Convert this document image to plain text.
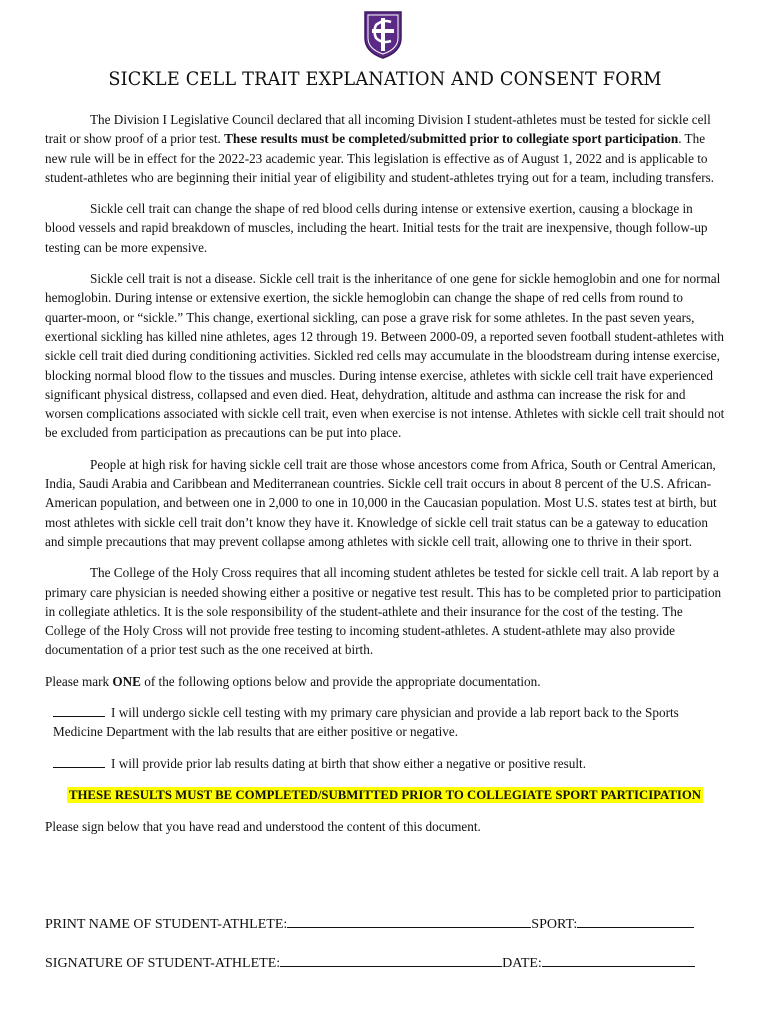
SICKLE CELL TRAIT EXPLANATION AND CONSENT FORM

The Division I Legislative Council declared that all incoming Division I student-athletes must be tested for sickle cell trait or show proof of a prior test. These results must be completed/submitted prior to collegiate sport participation. The new rule will be in effect for the 2022-23 academic year. This legislation is effective as of August 1, 2022 and is applicable to student-athletes who are beginning their initial year of eligibility and student-athletes trying out for a team, including transfers.

Sickle cell trait can change the shape of red blood cells during intense or extensive exertion, causing a blockage in blood vessels and rapid breakdown of muscles, including the heart. Initial tests for the trait are inexpensive, though follow-up testing can be more expensive.

Sickle cell trait is not a disease. Sickle cell trait is the inheritance of one gene for sickle hemoglobin and one for normal hemoglobin. During intense or extensive exertion, the sickle hemoglobin can change the shape of red cells from round to quarter-moon, or “sickle.” This change, exertional sickling, can pose a grave risk for some athletes. In the past seven years, exertional sickling has killed nine athletes, ages 12 through 19. Between 2000-09, a reported seven football student-athletes with sickle cell trait died during conditioning activities. Sickled red cells may accumulate in the bloodstream during intense exercise, blocking normal blood flow to the tissues and muscles. During intense exercise, athletes with sickle cell trait have experienced significant physical distress, collapsed and even died. Heat, dehydration, altitude and asthma can increase the risk for and worsen complications associated with sickle cell trait, even when exercise is not intense. Athletes with sickle cell trait should not be excluded from participation as precautions can be put into place.

People at high risk for having sickle cell trait are those whose ancestors come from Africa, South or Central American, India, Saudi Arabia and Caribbean and Mediterranean countries. Sickle cell trait occurs in about 8 percent of the U.S. African-American population, and between one in 2,000 to one in 10,000 in the Caucasian population. Most U.S. states test at birth, but most athletes with sickle cell trait don’t know they have it. Knowledge of sickle cell trait status can be a gateway to education and simple precautions that may prevent collapse among athletes with sickle cell trait, allowing one to thrive in their sport.

The College of the Holy Cross requires that all incoming student athletes be tested for sickle cell trait. A lab report by a primary care physician is needed showing either a positive or negative test result. This has to be completed prior to participation in collegiate athletics. It is the sole responsibility of the student-athlete and their insurance for the cost of the testing. The College of the Holy Cross will not provide free testing to incoming student-athletes. A student-athlete may also provide documentation of a prior test such as the one received at birth.

Please mark ONE of the following options below and provide the appropriate documentation.

I will undergo sickle cell testing with my primary care physician and provide a lab report back to the Sports Medicine Department with the lab results that are either positive or negative.
I will provide prior lab results dating at birth that show either a negative or positive result.
THESE RESULTS MUST BE COMPLETED/SUBMITTED PRIOR TO COLLEGIATE SPORT PARTICIPATION

Please sign below that you have read and understood the content of this document.

PRINT NAME OF STUDENT-ATHLETE:	SPORT:
SIGNATURE OF STUDENT-ATHLETE:	DATE:
